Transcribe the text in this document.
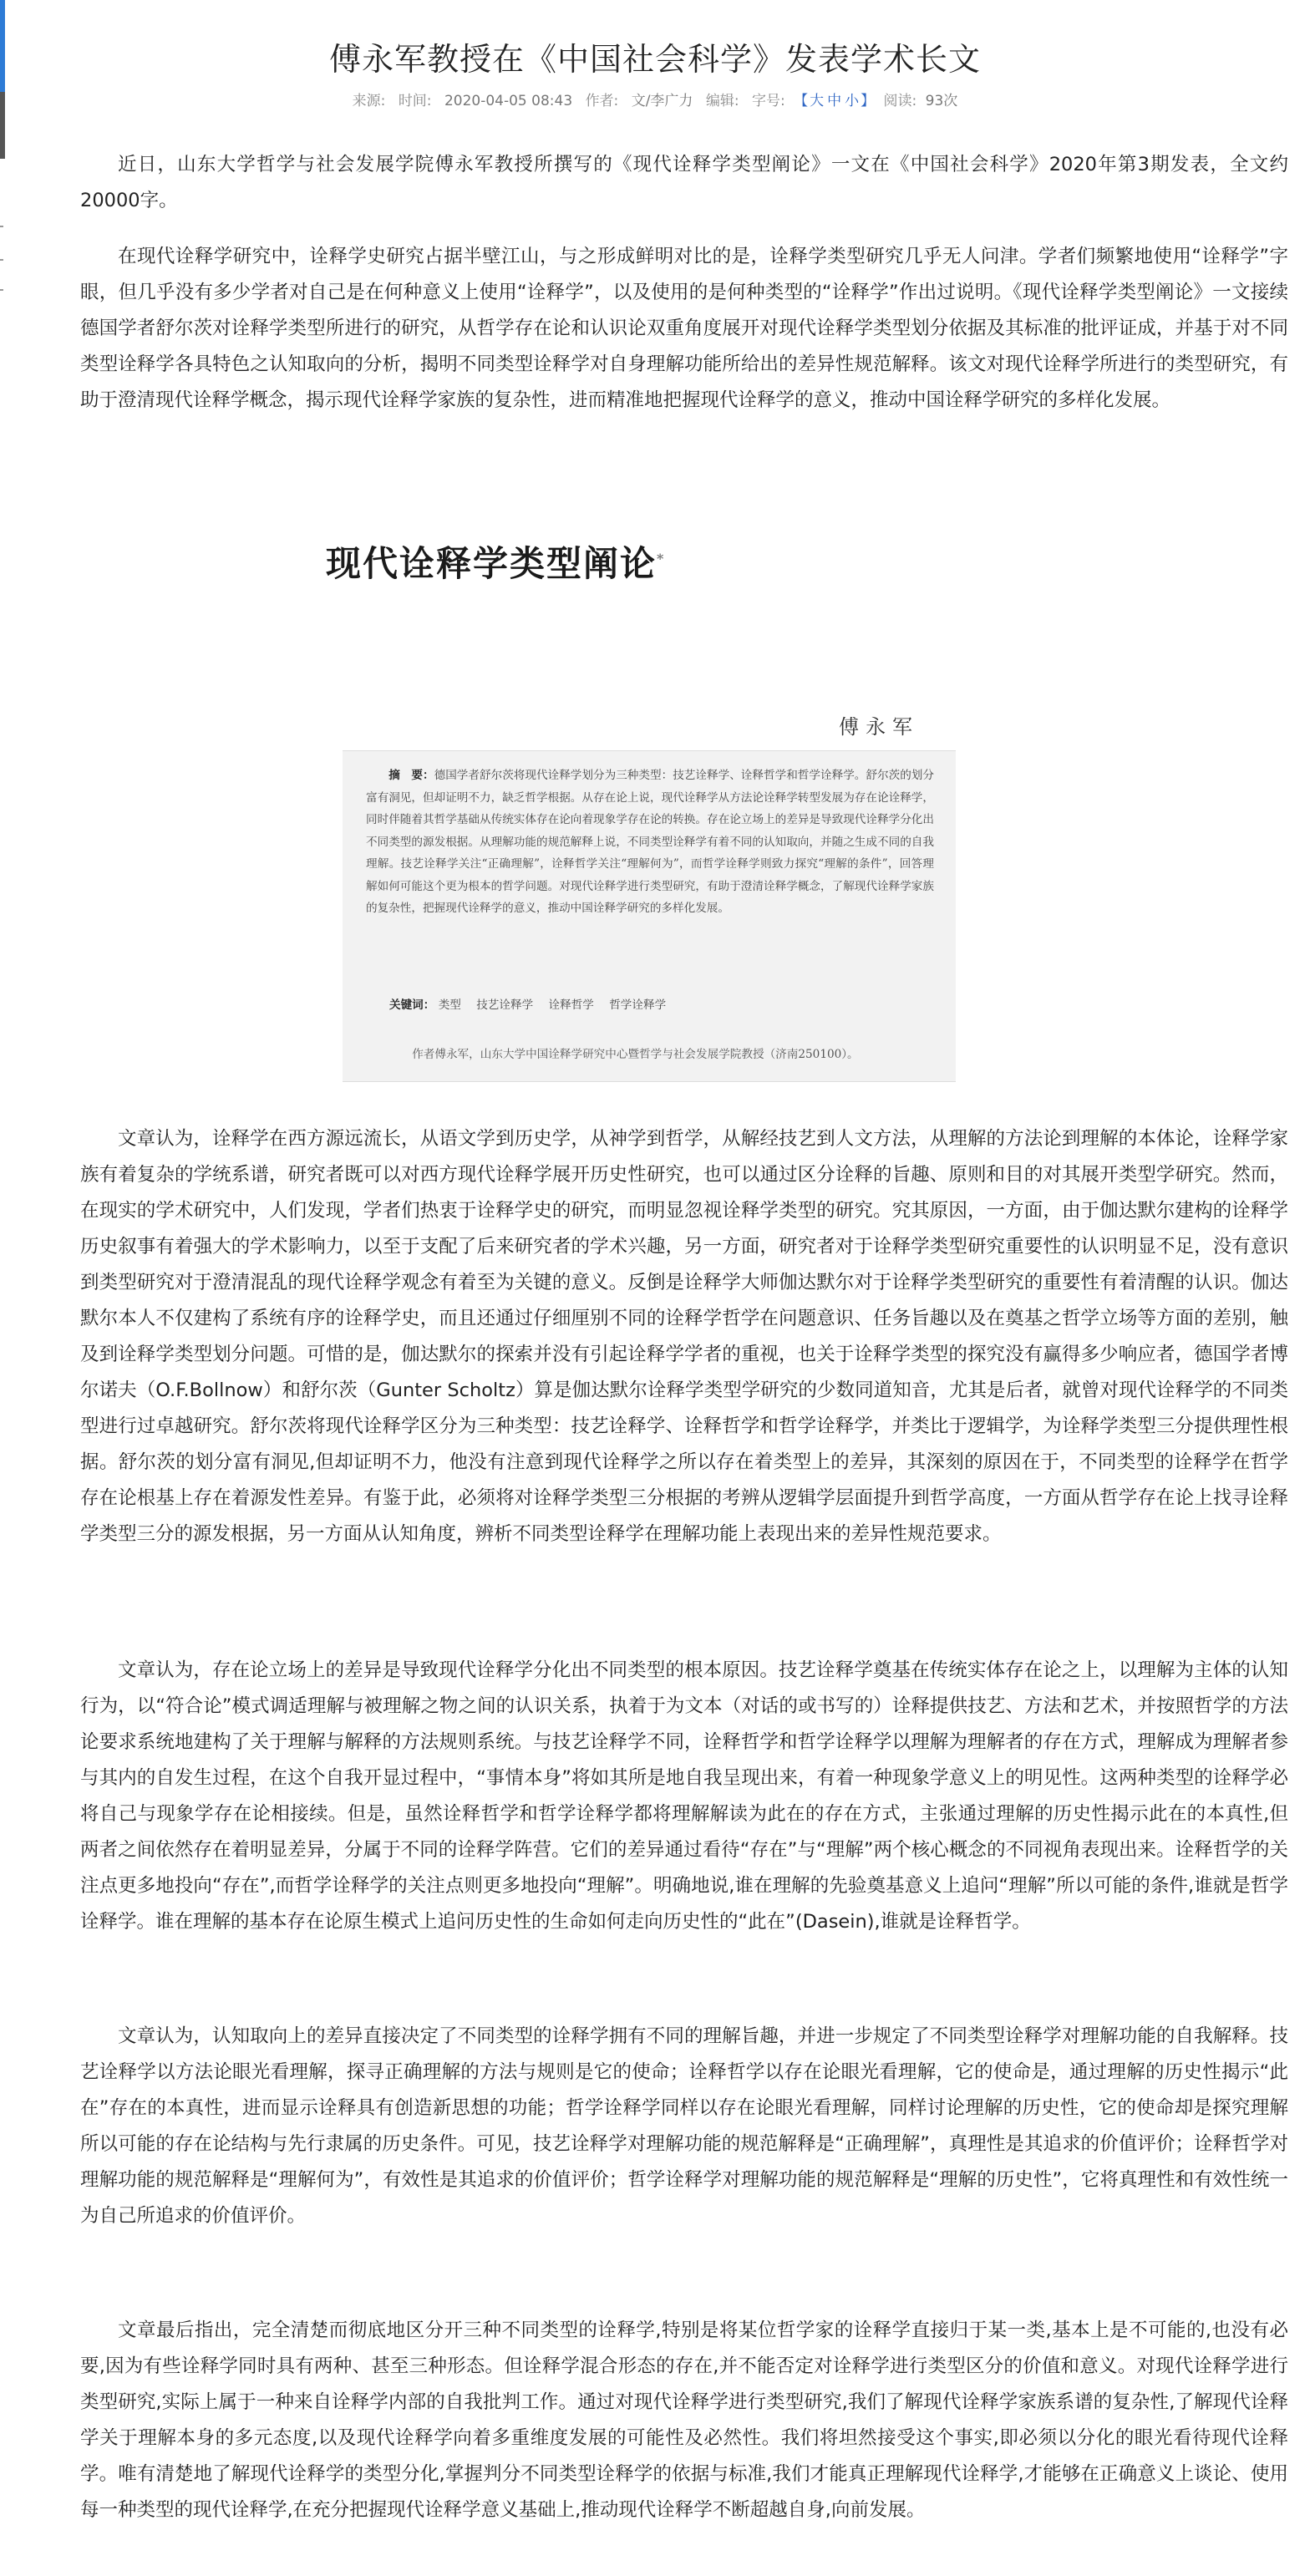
傅永军教授在《中国社会科学》发表学术长文
来源: 时间: 2020-04-05 08:43 作者: 文/李广力 编辑: 字号: 【 大 中 小 】 阅读: 93次

近日，山东大学哲学与社会发展学院傅永军教授所撰写的《现代诠释学类型阐论》一文在《中国社会科学》2020年第3期发表，全文约20000字。

在现代诠释学研究中，诠释学史研究占据半壁江山，与之形成鲜明对比的是，诠释学类型研究几乎无人问津。学者们频繁地使用“诠释学”字眼，但几乎没有多少学者对自己是在何种意义上使用“诠释学”，以及使用的是何种类型的“诠释学”作出过说明。《现代诠释学类型阐论》一文接续德国学者舒尔茨对诠释学类型所进行的研究，从哲学存在论和认识论双重角度展开对现代诠释学类型划分依据及其标准的批评证成，并基于对不同类型诠释学各具特色之认知取向的分析，揭明不同类型诠释学对自身理解功能所给出的差异性规范解释。该文对现代诠释学所进行的类型研究，有助于澄清现代诠释学概念，揭示现代诠释学家族的复杂性，进而精准地把握现代诠释学的意义，推动中国诠释学研究的多样化发展。

现代诠释学类型阐论*
傅永军
摘　要：德国学者舒尔茨将现代诠释学划分为三种类型：技艺诠释学、诠释哲学和哲学诠释学。舒尔茨的划分富有洞见，但却证明不力，缺乏哲学根据。从存在论上说，现代诠释学从方法论诠释学转型发展为存在论诠释学，同时伴随着其哲学基础从传统实体存在论向着现象学存在论的转换。存在论立场上的差异是导致现代诠释学分化出不同类型的源发根据。从理解功能的规范解释上说，不同类型诠释学有着不同的认知取向，并随之生成不同的自我理解。技艺诠释学关注“正确理解”，诠释哲学关注“理解何为”，而哲学诠释学则致力探究“理解的条件”，回答理解如何可能这个更为根本的哲学问题。对现代诠释学进行类型研究，有助于澄清诠释学概念，了解现代诠释学家族的复杂性，把握现代诠释学的意义，推动中国诠释学研究的多样化发展。
关键词： 类型 技艺诠释学 诠释哲学 哲学诠释学
作者傅永军，山东大学中国诠释学研究中心暨哲学与社会发展学院教授（济南250100）。

文章认为，诠释学在西方源远流长，从语文学到历史学，从神学到哲学，从解经技艺到人文方法，从理解的方法论到理解的本体论，诠释学家族有着复杂的学统系谱，研究者既可以对西方现代诠释学展开历史性研究，也可以通过区分诠释的旨趣、原则和目的对其展开类型学研究。然而，在现实的学术研究中，人们发现，学者们热衷于诠释学史的研究，而明显忽视诠释学类型的研究。究其原因，一方面，由于伽达默尔建构的诠释学历史叙事有着强大的学术影响力，以至于支配了后来研究者的学术兴趣，另一方面，研究者对于诠释学类型研究重要性的认识明显不足，没有意识到类型研究对于澄清混乱的现代诠释学观念有着至为关键的意义。反倒是诠释学大师伽达默尔对于诠释学类型研究的重要性有着清醒的认识。伽达默尔本人不仅建构了系统有序的诠释学史，而且还通过仔细厘别不同的诠释学哲学在问题意识、任务旨趣以及在奠基之哲学立场等方面的差别，触及到诠释学类型划分问题。可惜的是，伽达默尔的探索并没有引起诠释学学者的重视，也关于诠释学类型的探究没有赢得多少响应者，德国学者博尔诺夫（O.F.Bollnow）和舒尔茨（Gunter Scholtz）算是伽达默尔诠释学类型学研究的少数同道知音，尤其是后者，就曾对现代诠释学的不同类型进行过卓越研究。舒尔茨将现代诠释学区分为三种类型：技艺诠释学、诠释哲学和哲学诠释学，并类比于逻辑学，为诠释学类型三分提供理性根据。舒尔茨的划分富有洞见,但却证明不力，他没有注意到现代诠释学之所以存在着类型上的差异，其深刻的原因在于，不同类型的诠释学在哲学存在论根基上存在着源发性差异。有鉴于此，必须将对诠释学类型三分根据的考辨从逻辑学层面提升到哲学高度，一方面从哲学存在论上找寻诠释学类型三分的源发根据，另一方面从认知角度，辨析不同类型诠释学在理解功能上表现出来的差异性规范要求。

文章认为，存在论立场上的差异是导致现代诠释学分化出不同类型的根本原因。技艺诠释学奠基在传统实体存在论之上，以理解为主体的认知行为，以“符合论”模式调适理解与被理解之物之间的认识关系，执着于为文本（对话的或书写的）诠释提供技艺、方法和艺术，并按照哲学的方法论要求系统地建构了关于理解与解释的方法规则系统。与技艺诠释学不同，诠释哲学和哲学诠释学以理解为理解者的存在方式，理解成为理解者参与其内的自发生过程，在这个自我开显过程中，“事情本身”将如其所是地自我呈现出来，有着一种现象学意义上的明见性。这两种类型的诠释学必将自己与现象学存在论相接续。但是，虽然诠释哲学和哲学诠释学都将理解解读为此在的存在方式，主张通过理解的历史性揭示此在的本真性,但两者之间依然存在着明显差异，分属于不同的诠释学阵营。它们的差异通过看待“存在”与“理解”两个核心概念的不同视角表现出来。诠释哲学的关注点更多地投向“存在”,而哲学诠释学的关注点则更多地投向“理解”。明确地说,谁在理解的先验奠基意义上追问“理解”所以可能的条件,谁就是哲学诠释学。谁在理解的基本存在论原生模式上追问历史性的生命如何走向历史性的“此在”(Dasein),谁就是诠释哲学。

文章认为，认知取向上的差异直接决定了不同类型的诠释学拥有不同的理解旨趣，并进一步规定了不同类型诠释学对理解功能的自我解释。技艺诠释学以方法论眼光看理解，探寻正确理解的方法与规则是它的使命；诠释哲学以存在论眼光看理解，它的使命是，通过理解的历史性揭示“此在”存在的本真性，进而显示诠释具有创造新思想的功能；哲学诠释学同样以存在论眼光看理解，同样讨论理解的历史性，它的使命却是探究理解所以可能的存在论结构与先行隶属的历史条件。可见，技艺诠释学对理解功能的规范解释是“正确理解”，真理性是其追求的价值评价；诠释哲学对理解功能的规范解释是“理解何为”，有效性是其追求的价值评价；哲学诠释学对理解功能的规范解释是“理解的历史性”，它将真理性和有效性统一为自己所追求的价值评价。

文章最后指出，完全清楚而彻底地区分开三种不同类型的诠释学,特别是将某位哲学家的诠释学直接归于某一类,基本上是不可能的,也没有必要,因为有些诠释学同时具有两种、甚至三种形态。但诠释学混合形态的存在,并不能否定对诠释学进行类型区分的价值和意义。对现代诠释学进行类型研究,实际上属于一种来自诠释学内部的自我批判工作。通过对现代诠释学进行类型研究,我们了解现代诠释学家族系谱的复杂性,了解现代诠释学关于理解本身的多元态度,以及现代诠释学向着多重维度发展的可能性及必然性。我们将坦然接受这个事实,即必须以分化的眼光看待现代诠释学。唯有清楚地了解现代诠释学的类型分化,掌握判分不同类型诠释学的依据与标准,我们才能真正理解现代诠释学,才能够在正确意义上谈论、使用每一种类型的现代诠释学,在充分把握现代诠释学意义基础上,推动现代诠释学不断超越自身,向前发展。
